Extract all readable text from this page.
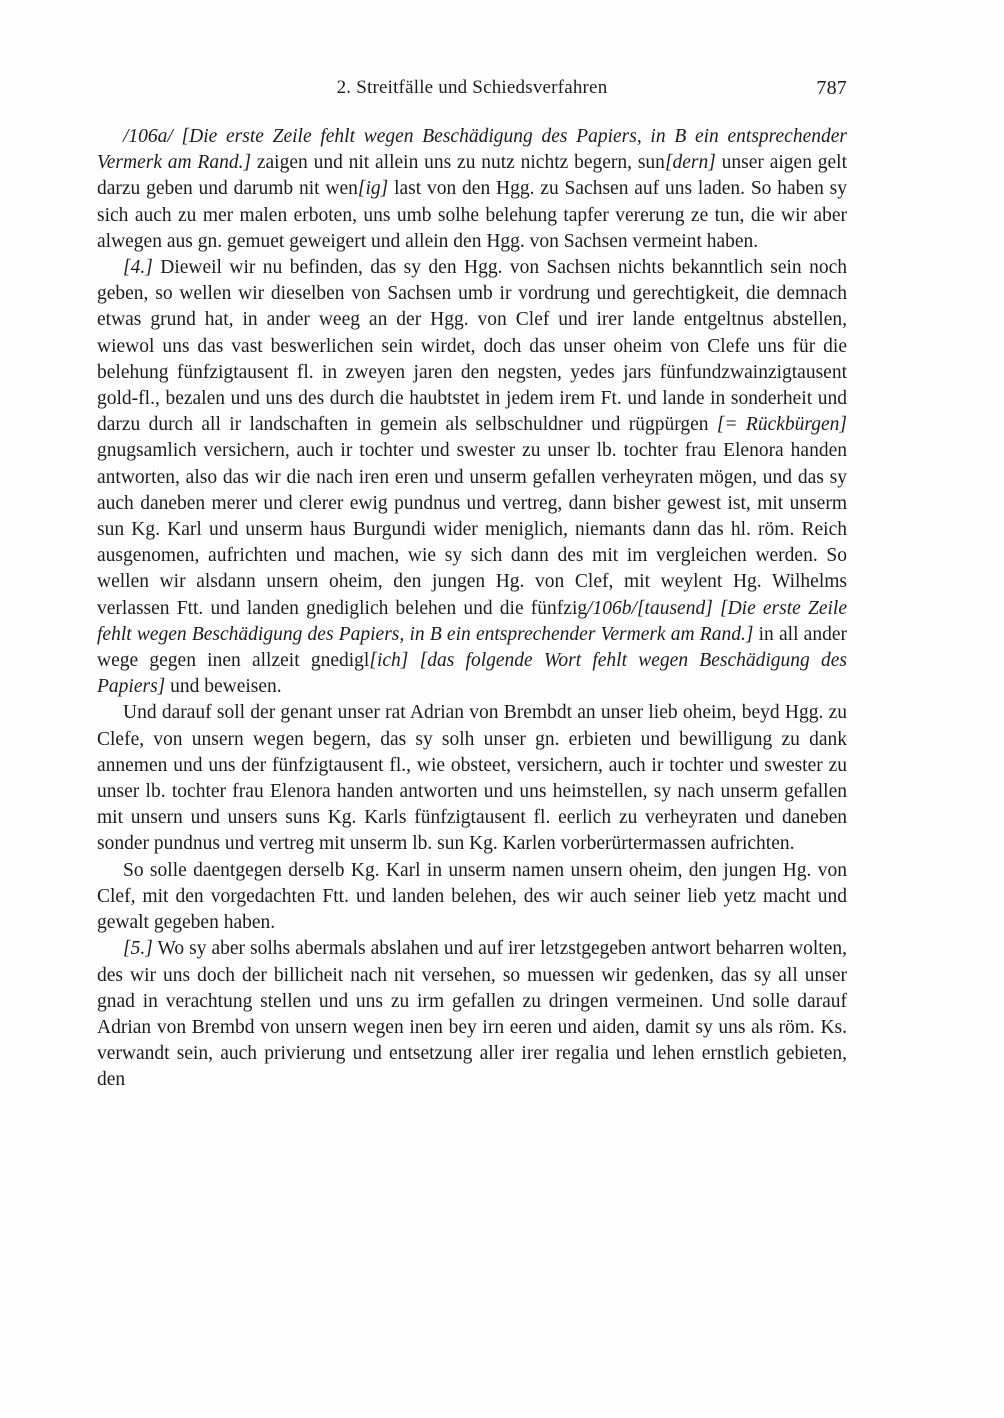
2. Streitfälle und Schiedsverfahren	787

/106a/ [Die erste Zeile fehlt wegen Beschädigung des Papiers, in B ein entsprechender Vermerk am Rand.] zaigen und nit allein uns zu nutz nichtz begern, sun[dern] unser aigen gelt darzu geben und darumb nit wen[ig] last von den Hgg. zu Sachsen auf uns laden. So haben sy sich auch zu mer malen erboten, uns umb solhe belehung tapfer vererung ze tun, die wir aber alwegen aus gn. gemuet geweigert und allein den Hgg. von Sachsen vermeint haben.

[4.] Dieweil wir nu befinden, das sy den Hgg. von Sachsen nichts bekanntlich sein noch geben, so wellen wir dieselben von Sachsen umb ir vordrung und gerechtigkeit, die demnach etwas grund hat, in ander weeg an der Hgg. von Clef und irer lande entgeltnus abstellen, wiewol uns das vast beswerlichen sein wirdet, doch das unser oheim von Clefe uns für die belehung fünfzigtausent fl. in zweyen jaren den negsten, yedes jars fünfundzwainzigtausent gold-fl., bezalen und uns des durch die haubtstet in jedem irem Ft. und lande in sonderheit und darzu durch all ir landschaften in gemein als selbschuldner und rügpürgen [= Rückbürgen] gnugsamlich versichern, auch ir tochter und swester zu unser lb. tochter frau Elenora handen antworten, also das wir die nach iren eren und unserm gefallen verheyraten mögen, und das sy auch daneben merer und clerer ewig pundnus und vertreg, dann bisher gewest ist, mit unserm sun Kg. Karl und unserm haus Burgundi wider meniglich, niemants dann das hl. röm. Reich ausgenomen, aufrichten und machen, wie sy sich dann des mit im vergleichen werden. So wellen wir alsdann unsern oheim, den jungen Hg. von Clef, mit weylent Hg. Wilhelms verlassen Ftt. und landen gnediglich belehen und die fünfzig/106b/[tausend] [Die erste Zeile fehlt wegen Beschädigung des Papiers, in B ein entsprechender Vermerk am Rand.] in all ander wege gegen inen allzeit gnedigl[ich] [das folgende Wort fehlt wegen Beschädigung des Papiers] und beweisen.

Und darauf soll der genant unser rat Adrian von Brembdt an unser lieb oheim, beyd Hgg. zu Clefe, von unsern wegen begern, das sy solh unser gn. erbieten und bewilligung zu dank annemen und uns der fünfzigtausent fl., wie obsteet, versichern, auch ir tochter und swester zu unser lb. tochter frau Elenora handen antworten und uns heimstellen, sy nach unserm gefallen mit unsern und unsers suns Kg. Karls fünfzigtausent fl. eerlich zu verheyraten und daneben sonder pundnus und vertreg mit unserm lb. sun Kg. Karlen vorberürtermassen aufrichten.

So solle daentgegen derselb Kg. Karl in unserm namen unsern oheim, den jungen Hg. von Clef, mit den vorgedachten Ftt. und landen belehen, des wir auch seiner lieb yetz macht und gewalt gegeben haben.

[5.] Wo sy aber solhs abermals abslahen und auf irer letzstgegeben antwort beharren wolten, des wir uns doch der billicheit nach nit versehen, so muessen wir gedenken, das sy all unser gnad in verachtung stellen und uns zu irm gefallen zu dringen vermeinen. Und solle darauf Adrian von Brembd von unsern wegen inen bey irn eeren und aiden, damit sy uns als röm. Ks. verwandt sein, auch privierung und entsetzung aller irer regalia und lehen ernstlich gebieten, den
